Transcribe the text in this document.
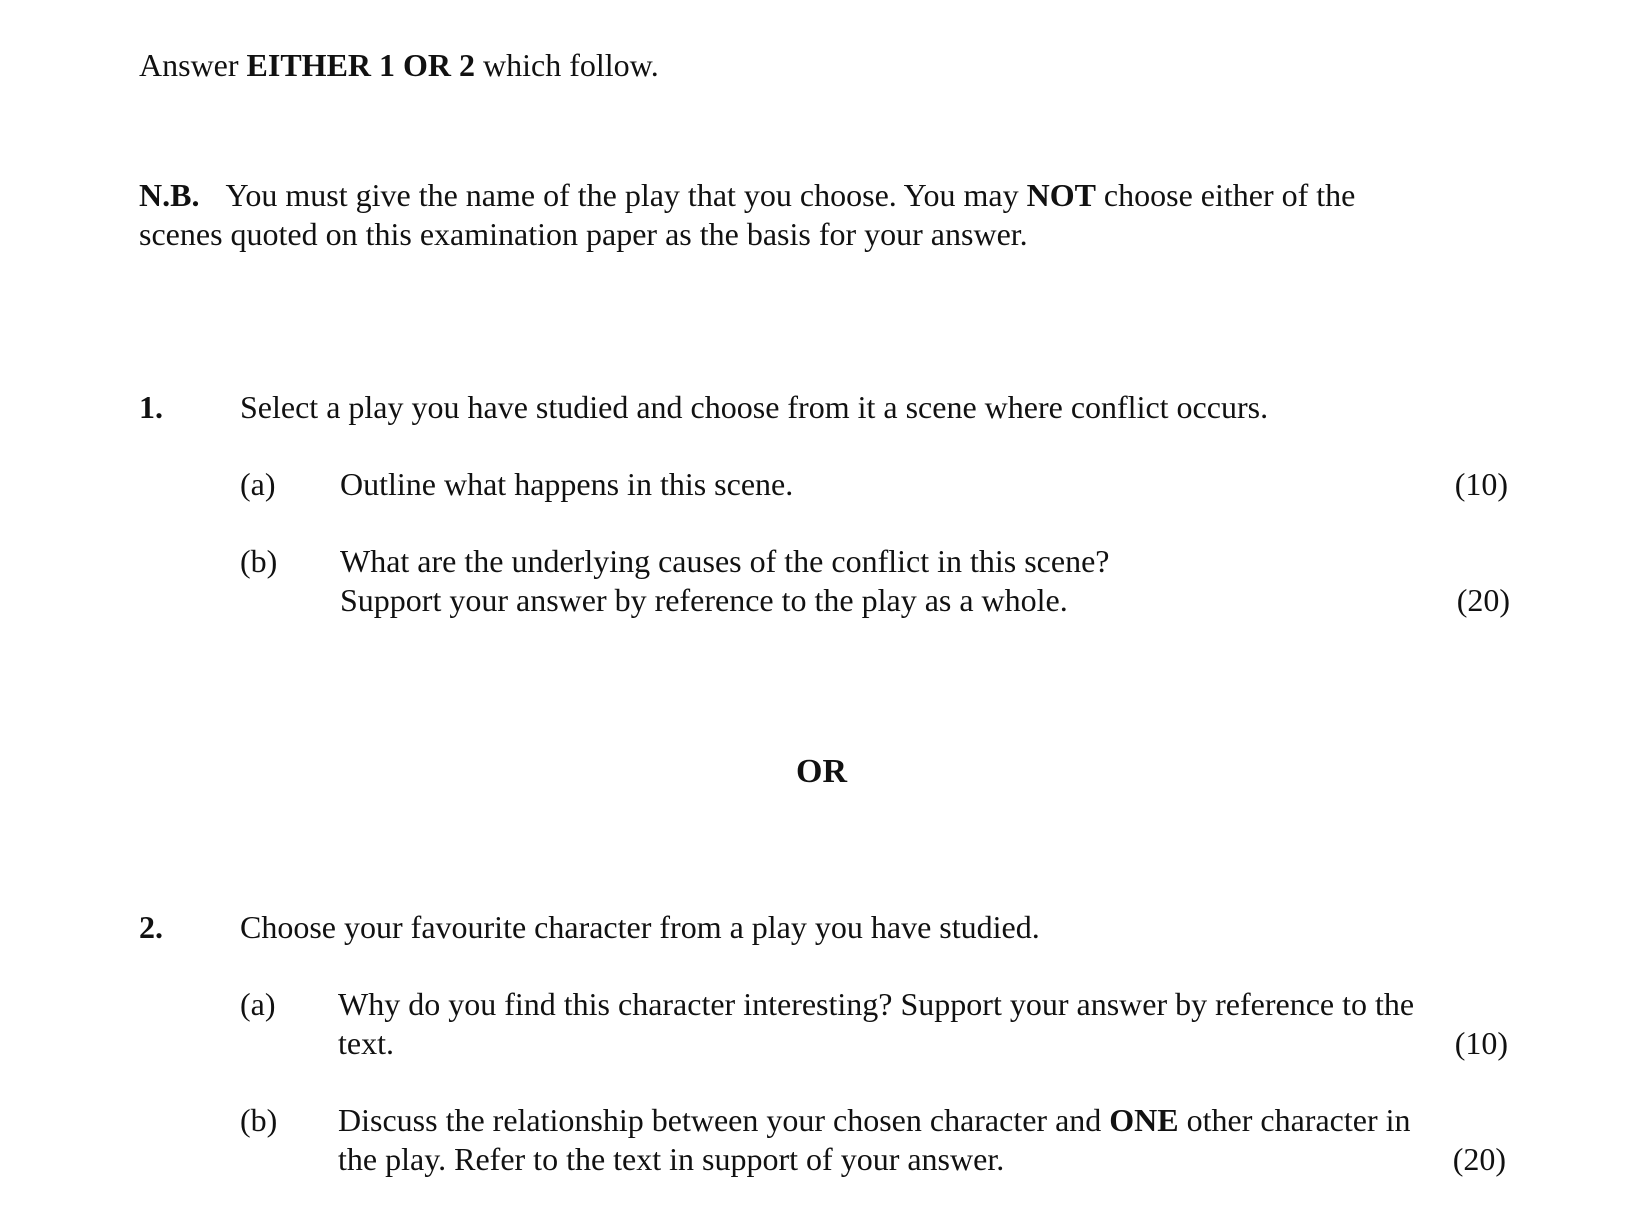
Answer EITHER 1 OR 2 which follow.
N.B. You must give the name of the play that you choose. You may NOT choose either of the
scenes quoted on this examination paper as the basis for your answer.
1. Select a play you have studied and choose from it a scene where conflict occurs.
(a) Outline what happens in this scene.	(10)
(b) What are the underlying causes of the conflict in this scene?
Support your answer by reference to the play as a whole.	(20)
OR
2. Choose your favourite character from a play you have studied.
(a) Why do you find this character interesting? Support your answer by reference to the
text.	(10)
(b) Discuss the relationship between your chosen character and ONE other character in
the play. Refer to the text in support of your answer.	(20)
